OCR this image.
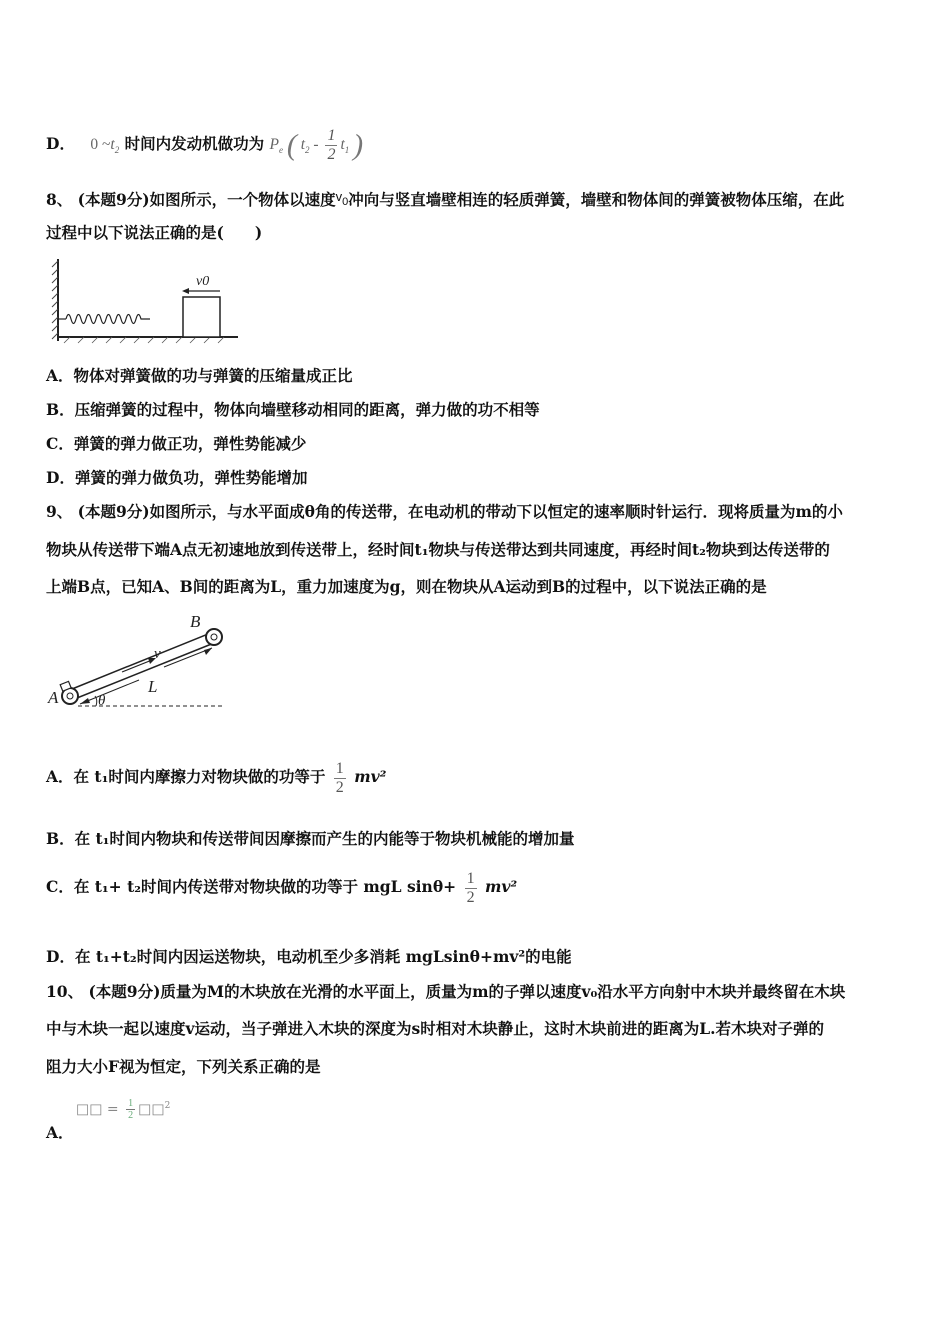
D． 0 $\sim t_2$ 时间内发动机做功为 $P_e$ ( $t_2 - \frac{1}{2} t_1$ )
8、 (本题9分)如图所示，一个物体以速度$^v$0冲向与竖直墙壁相连的轻质弹簧，墙壁和物体间的弹簧被物体压缩，在此
过程中以下说法正确的是(　　)
v0
A．物体对弹簧做的功与弹簧的压缩量成正比
B．压缩弹簧的过程中，物体向墙壁移动相同的距离，弹力做的功不相等
C．弹簧的弹力做正功，弹性势能减少
D．弹簧的弹力做负功，弹性势能增加
9、 (本题9分)如图所示，与水平面成θ角的传送带，在电动机的带动下以恒定的速率顺时针运行．现将质量为m的小
物块从传送带下端A点无初速地放到传送带上，经时间t₁物块与传送带达到共同速度，再经时间t₂物块到达传送带的
上端B点，已知A、B间的距离为L，重力加速度为g，则在物块从A运动到B的过程中，以下说法正确的是
A
B
v
L
θ
A．在 t₁时间内摩擦力对物块做的功等于 $\frac{1}{2} mv^2$
B．在 t₁时间内物块和传送带间因摩擦而产生的内能等于物块机械能的增加量
C．在 t₁+ t₂时间内传送带对物块做的功等于 mgL $\sin\theta+ \frac{1}{2} mv^2$
D．在 t₁+t₂时间内因运送物块，电动机至少多消耗 mgLsinθ+mv²的电能
10、 (本题9分)质量为M的木块放在光滑的水平面上，质量为m的子弹以速度v₀沿水平方向射中木块并最终留在木块
中与木块一起以速度v运动，当子弹进入木块的深度为s时相对木块静止，这时木块前进的距离为L.若木块对子弹的
阻力大小F视为恒定，下列关系正确的是
□□ = $\frac{1}{2}$ □□$^2$
A．
